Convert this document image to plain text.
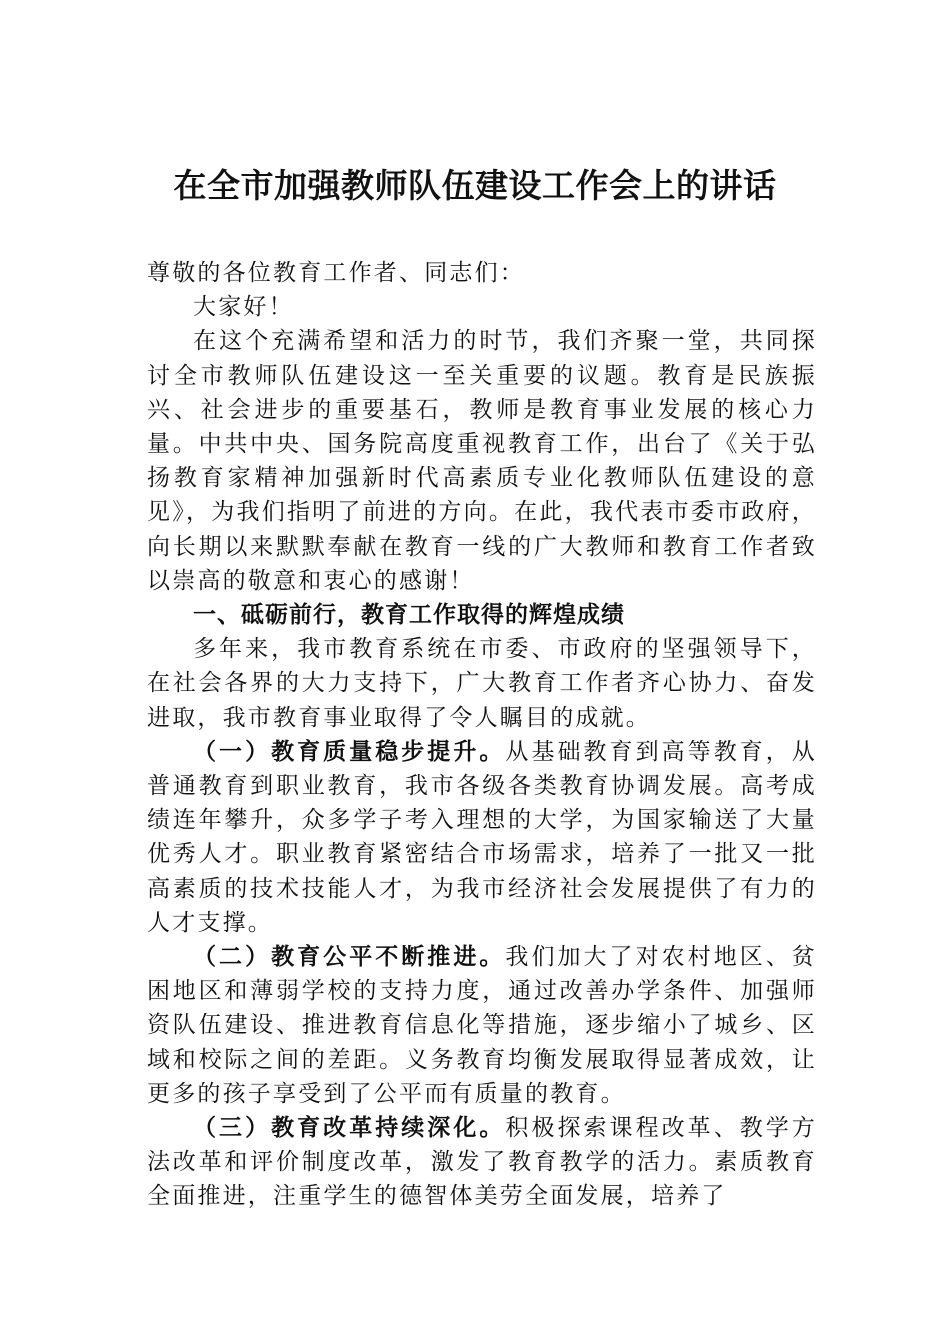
在全市加强教师队伍建设工作会上的讲话

尊敬的各位教育工作者、同志们：

大家好！

在这个充满希望和活力的时节，我们齐聚一堂，共同探讨全市教师队伍建设这一至关重要的议题。教育是民族振兴、社会进步的重要基石，教师是教育事业发展的核心力量。中共中央、国务院高度重视教育工作，出台了《关于弘扬教育家精神加强新时代高素质专业化教师队伍建设的意见》，为我们指明了前进的方向。在此，我代表市委市政府，向长期以来默默奉献在教育一线的广大教师和教育工作者致以崇高的敬意和衷心的感谢！

一、砥砺前行，教育工作取得的辉煌成绩

多年来，我市教育系统在市委、市政府的坚强领导下，在社会各界的大力支持下，广大教育工作者齐心协力、奋发进取，我市教育事业取得了令人瞩目的成就。

（一）教育质量稳步提升。从基础教育到高等教育，从普通教育到职业教育，我市各级各类教育协调发展。高考成绩连年攀升，众多学子考入理想的大学，为国家输送了大量优秀人才。职业教育紧密结合市场需求，培养了一批又一批高素质的技术技能人才，为我市经济社会发展提供了有力的人才支撑。

（二）教育公平不断推进。我们加大了对农村地区、贫困地区和薄弱学校的支持力度，通过改善办学条件、加强师资队伍建设、推进教育信息化等措施，逐步缩小了城乡、区域和校际之间的差距。义务教育均衡发展取得显著成效，让更多的孩子享受到了公平而有质量的教育。

（三）教育改革持续深化。积极探索课程改革、教学方法改革和评价制度改革，激发了教育教学的活力。素质教育全面推进，注重学生的德智体美劳全面发展，培养了
